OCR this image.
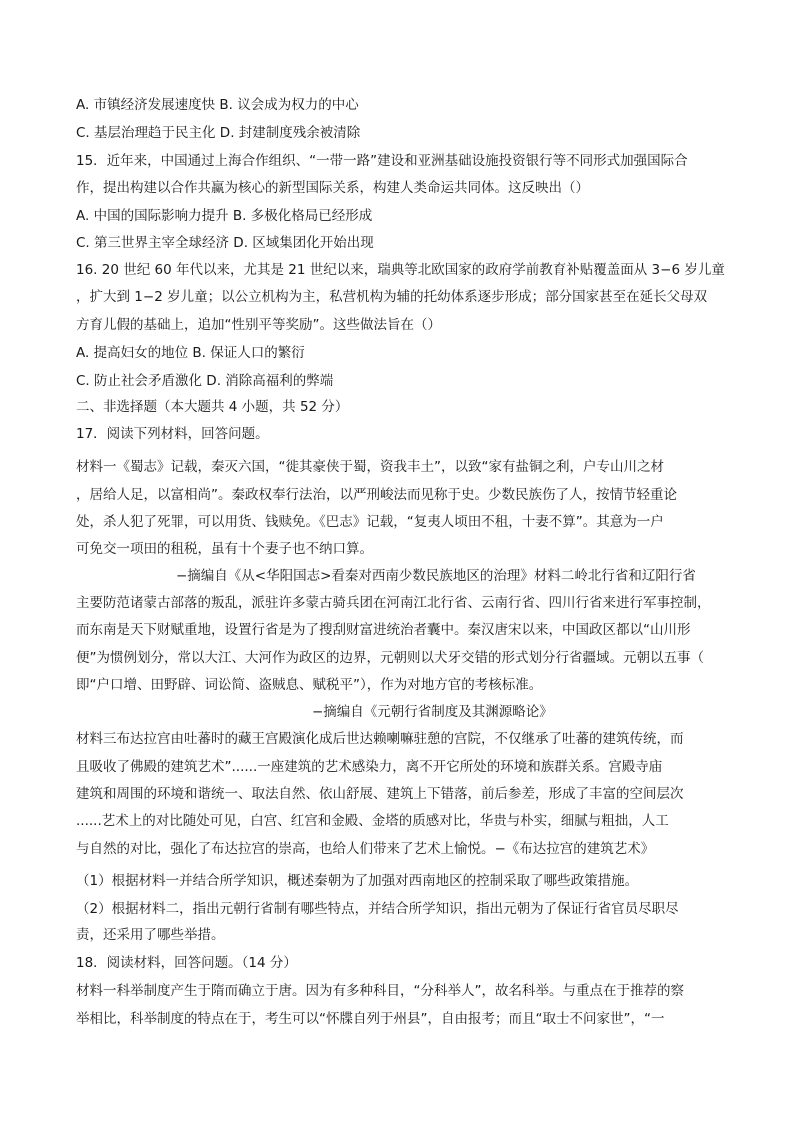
A. 市镇经济发展速度快 B. 议会成为权力的中心
C. 基层治理趋于民主化 D. 封建制度残余被清除
15．近年来，中国通过上海合作组织、“一带一路”建设和亚洲基础设施投资银行等不同形式加强国际合
作，提出构建以合作共赢为核心的新型国际关系，构建人类命运共同体。这反映出（）
A. 中国的国际影响力提升 B. 多极化格局已经形成
C. 第三世界主宰全球经济 D. 区域集团化开始出现
16. 20 世纪 60 年代以来，尤其是 21 世纪以来，瑞典等北欧国家的政府学前教育补贴覆盖面从 3−6 岁儿童
，扩大到 1−2 岁儿童；以公立机构为主，私营机构为辅的托幼体系逐步形成；部分国家甚至在延长父母双
方育儿假的基础上，追加“性别平等奖励”。这些做法旨在（）
A. 提高妇女的地位 B. 保证人口的繁衍
C. 防止社会矛盾激化 D. 消除高福利的弊端
二、非选择题（本大题共 4 小题，共 52 分）
17．阅读下列材料，回答问题。
材料一《蜀志》记载，秦灭六国，“徙其豪侠于蜀，资我丰土”，以致“家有盐铜之利，户专山川之材
，居给人足，以富相尚”。秦政权奉行法治，以严刑峻法而见称于史。少数民族伤了人，按情节轻重论
处，杀人犯了死罪，可以用货、钱赎免。《巴志》记载，“复夷人顷田不租，十妻不算”。其意为一户
可免交一项田的租税，虽有十个妻子也不纳口算。
主要防范诸蒙古部落的叛乱，派驻许多蒙古骑兵团在河南江北行省、云南行省、四川行省来进行军事控制，
而东南是天下财赋重地，设置行省是为了搜刮财富进统治者囊中。秦汉唐宋以来，中国政区都以“山川形
便”为惯例划分，常以大江、大河作为政区的边界，元朝则以犬牙交错的形式划分行省疆域。元朝以五事（
即“户口增、田野辟、词讼简、盗贼息、赋税平”），作为对地方官的考核标准。
材料三布达拉宫由吐蕃时的藏王宫殿演化成后世达赖喇嘛驻憩的宫院，不仅继承了吐蕃的建筑传统，而
且吸收了佛殿的建筑艺术”......一座建筑的艺术感染力，离不开它所处的环境和族群关系。宫殿寺庙
建筑和周围的环境和谐统一、取法自然、依山舒展、建筑上下错落，前后参差，形成了丰富的空间层次
......艺术上的对比随处可见，白宫、红宫和金殿、金塔的质感对比，华贵与朴实，细腻与粗拙，人工
与自然的对比，强化了布达拉宫的崇高，也给人们带来了艺术上愉悦。−《布达拉宫的建筑艺术》
（1）根据材料一并结合所学知识，概述秦朝为了加强对西南地区的控制采取了哪些政策措施。
（2）根据材料二，指出元朝行省制有哪些特点，并结合所学知识，指出元朝为了保证行省官员尽职尽
责，还采用了哪些举措。
18．阅读材料，回答问题。（14 分）
材料一科举制度产生于隋而确立于唐。因为有多种科目，“分科举人”，故名科举。与重点在于推荐的察
举相比，科举制度的特点在于，考生可以“怀牒自列于州县”，自由报考；而且“取士不问家世”，“一
−摘编自《从<华阳国志>看秦对西南少数民族地区的治理》材料二岭北行省和辽阳行省
−摘编自《元朝行省制度及其渊源略论》
